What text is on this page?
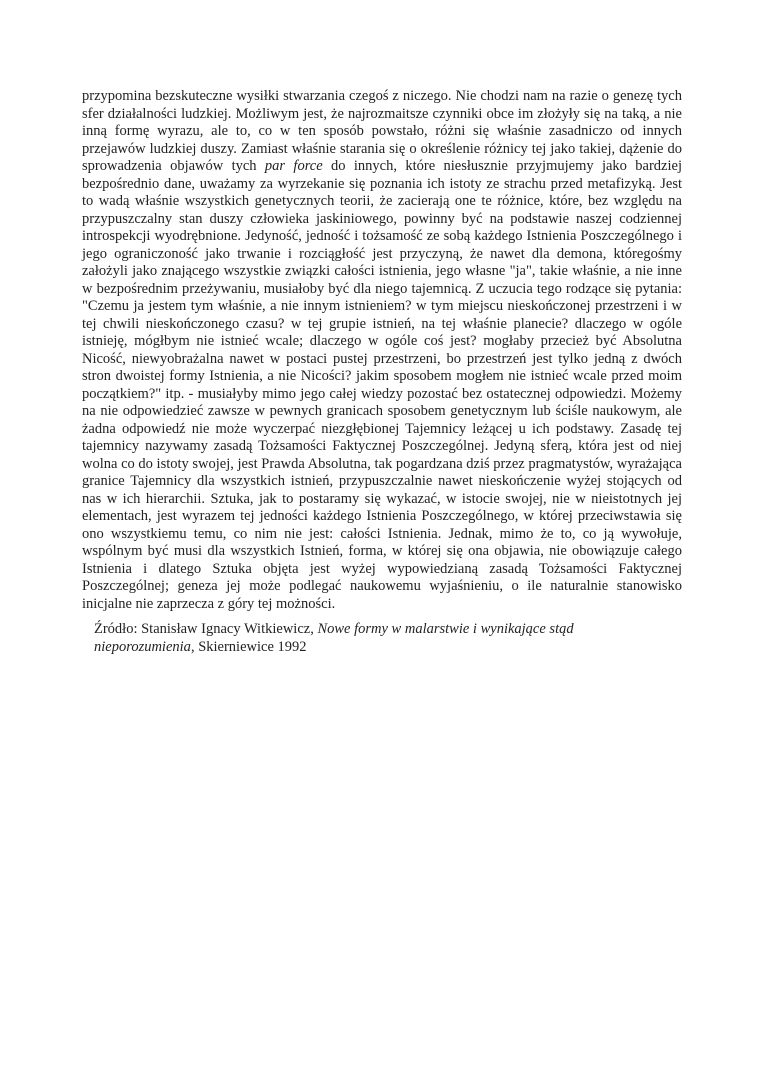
przypomina bezskuteczne wysiłki stwarzania czegoś z niczego. Nie chodzi nam na razie o genezę tych sfer działalności ludzkiej. Możliwym jest, że najrozmaitsze czynniki obce im złożyły się na taką, a nie inną formę wyrazu, ale to, co w ten sposób powstało, różni się właśnie zasadniczo od innych przejawów ludzkiej duszy. Zamiast właśnie starania się o określenie różnicy tej jako takiej, dążenie do sprowadzenia objawów tych par force do innych, które niesłusznie przyjmujemy jako bardziej bezpośrednio dane, uważamy za wyrzekanie się poznania ich istoty ze strachu przed metafizyką. Jest to wadą właśnie wszystkich genetycznych teorii, że zacierają one te różnice, które, bez względu na przypuszczalny stan duszy człowieka jaskiniowego, powinny być na podstawie naszej codziennej introspekcji wyodrębnione. Jedyność, jedność i tożsamość ze sobą każdego Istnienia Poszczególnego i jego ograniczoność jako trwanie i rozciągłość jest przyczyną, że nawet dla demona, któregośmy założyli jako znającego wszystkie związki całości istnienia, jego własne "ja", takie właśnie, a nie inne w bezpośrednim przeżywaniu, musiałoby być dla niego tajemnicą. Z uczucia tego rodzące się pytania: "Czemu ja jestem tym właśnie, a nie innym istnieniem? w tym miejscu nieskończonej przestrzeni i w tej chwili nieskończonego czasu? w tej grupie istnień, na tej właśnie planecie? dlaczego w ogóle istnieję, mógłbym nie istnieć wcale; dlaczego w ogóle coś jest? mogłaby przecież być Absolutna Nicość, niewyobrażalna nawet w postaci pustej przestrzeni, bo przestrzeń jest tylko jedną z dwóch stron dwoistej formy Istnienia, a nie Nicości? jakim sposobem mogłem nie istnieć wcale przed moim początkiem?" itp. - musiałyby mimo jego całej wiedzy pozostać bez ostatecznej odpowiedzi. Możemy na nie odpowiedzieć zawsze w pewnych granicach sposobem genetycznym lub ściśle naukowym, ale żadna odpowiedź nie może wyczerpać niezgłębionej Tajemnicy leżącej u ich podstawy. Zasadę tej tajemnicy nazywamy zasadą Tożsamości Faktycznej Poszczególnej. Jedyną sferą, która jest od niej wolna co do istoty swojej, jest Prawda Absolutna, tak pogardzana dziś przez pragmatystów, wyrażająca granice Tajemnicy dla wszystkich istnień, przypuszczalnie nawet nieskończenie wyżej stojących od nas w ich hierarchii. Sztuka, jak to postaramy się wykazać, w istocie swojej, nie w nieistotnych jej elementach, jest wyrazem tej jedności każdego Istnienia Poszczególnego, w której przeciwstawia się ono wszystkiemu temu, co nim nie jest: całości Istnienia. Jednak, mimo że to, co ją wywołuje, wspólnym być musi dla wszystkich Istnień, forma, w której się ona objawia, nie obowiązuje całego Istnienia i dlatego Sztuka objęta jest wyżej wypowiedzianą zasadą Tożsamości Faktycznej Poszczególnej; geneza jej może podlegać naukowemu wyjaśnieniu, o ile naturalnie stanowisko inicjalne nie zaprzecza z góry tej możności.

Źródło: Stanisław Ignacy Witkiewicz, Nowe formy w malarstwie i wynikające stąd nieporozumienia, Skierniewice 1992
